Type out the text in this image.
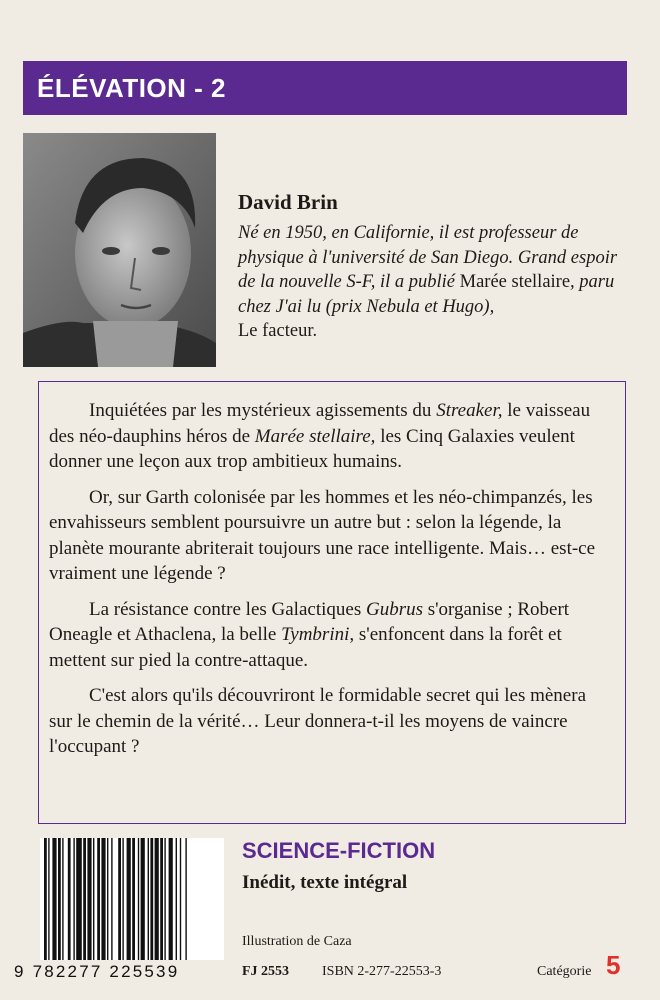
ÉLÉVATION - 2
David Brin
Né en 1950, en Californie, il est professeur de physique à l'université de San Diego. Grand espoir de la nouvelle S-F, il a publié Marée stellaire, paru chez J'ai lu (prix Nebula et Hugo),
Le facteur.

Inquiétées par les mystérieux agissements du Streaker, le vaisseau des néo-dauphins héros de Marée stellaire, les Cinq Galaxies veulent donner une leçon aux trop ambitieux humains.

Or, sur Garth colonisée par les hommes et les néo-chimpanzés, les envahisseurs semblent poursuivre un autre but : selon la légende, la planète mourante abriterait toujours une race intelligente. Mais… est-ce vraiment une légende ?

La résistance contre les Galactiques Gubrus s'organise ; Robert Oneagle et Athaclena, la belle Tymbrini, s'enfoncent dans la forêt et mettent sur pied la contre-attaque.

C'est alors qu'ils découvriront le formidable secret qui les mènera sur le chemin de la vérité… Leur donnera-t-il les moyens de vaincre l'occupant ?

9 782277 225539
SCIENCE-FICTION
Inédit, texte intégral
Illustration de Caza
FJ 2553 ISBN 2-277-22553-3	Catégorie 5
